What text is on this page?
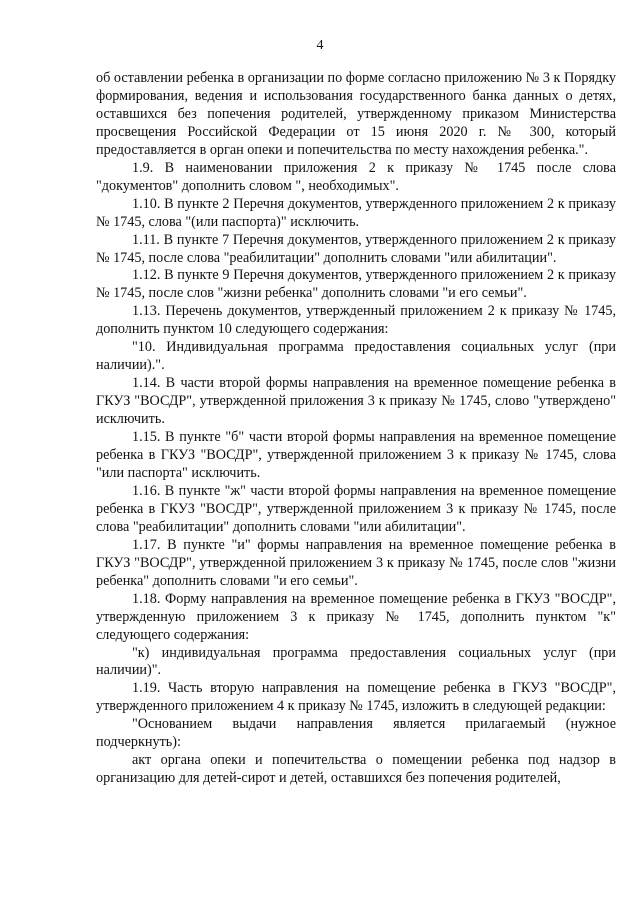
4

об оставлении ребенка в организации по форме согласно приложению № 3 к Порядку формирования, ведения и использования государственного банка данных о детях, оставшихся без попечения родителей, утвержденному приказом Министерства просвещения Российской Федерации от 15 июня 2020 г. № 300, который предоставляется в орган опеки и попечительства по месту нахождения ребенка.".

1.9. В наименовании приложения 2 к приказу № 1745 после слова "документов" дополнить словом ", необходимых".

1.10. В пункте 2 Перечня документов, утвержденного приложением 2 к приказу № 1745, слова "(или паспорта)" исключить.

1.11. В пункте 7 Перечня документов, утвержденного приложением 2 к приказу № 1745, после слова "реабилитации" дополнить словами "или абилитации".

1.12. В пункте 9 Перечня документов, утвержденного приложением 2 к приказу № 1745, после слов "жизни ребенка" дополнить словами "и его семьи".

1.13. Перечень документов, утвержденный приложением 2 к приказу № 1745, дополнить пунктом 10 следующего содержания:

"10. Индивидуальная программа предоставления социальных услуг (при наличии).".

1.14. В части второй формы направления на временное помещение ребенка в ГКУЗ "ВОСДР", утвержденной приложения 3 к приказу № 1745, слово "утверждено" исключить.

1.15. В пункте "б" части второй формы направления на временное помещение ребенка в ГКУЗ "ВОСДР", утвержденной приложением 3 к приказу № 1745, слова "или паспорта" исключить.

1.16. В пункте "ж" части второй формы направления на временное помещение ребенка в ГКУЗ "ВОСДР", утвержденной приложением 3 к приказу № 1745, после слова "реабилитации" дополнить словами "или абилитации".

1.17. В пункте "и" формы направления на временное помещение ребенка в ГКУЗ "ВОСДР", утвержденной приложением 3 к приказу № 1745, после слов "жизни ребенка" дополнить словами "и его семьи".

1.18. Форму направления на временное помещение ребенка в ГКУЗ "ВОСДР", утвержденную приложением 3 к приказу № 1745, дополнить пунктом "к" следующего содержания:

"к) индивидуальная программа предоставления социальных услуг (при наличии)".

1.19. Часть вторую направления на помещение ребенка в ГКУЗ "ВОСДР", утвержденного приложением 4 к приказу № 1745, изложить в следующей редакции:

"Основанием выдачи направления является прилагаемый (нужное подчеркнуть):

акт органа опеки и попечительства о помещении ребенка под надзор в организацию для детей-сирот и детей, оставшихся без попечения родителей,
